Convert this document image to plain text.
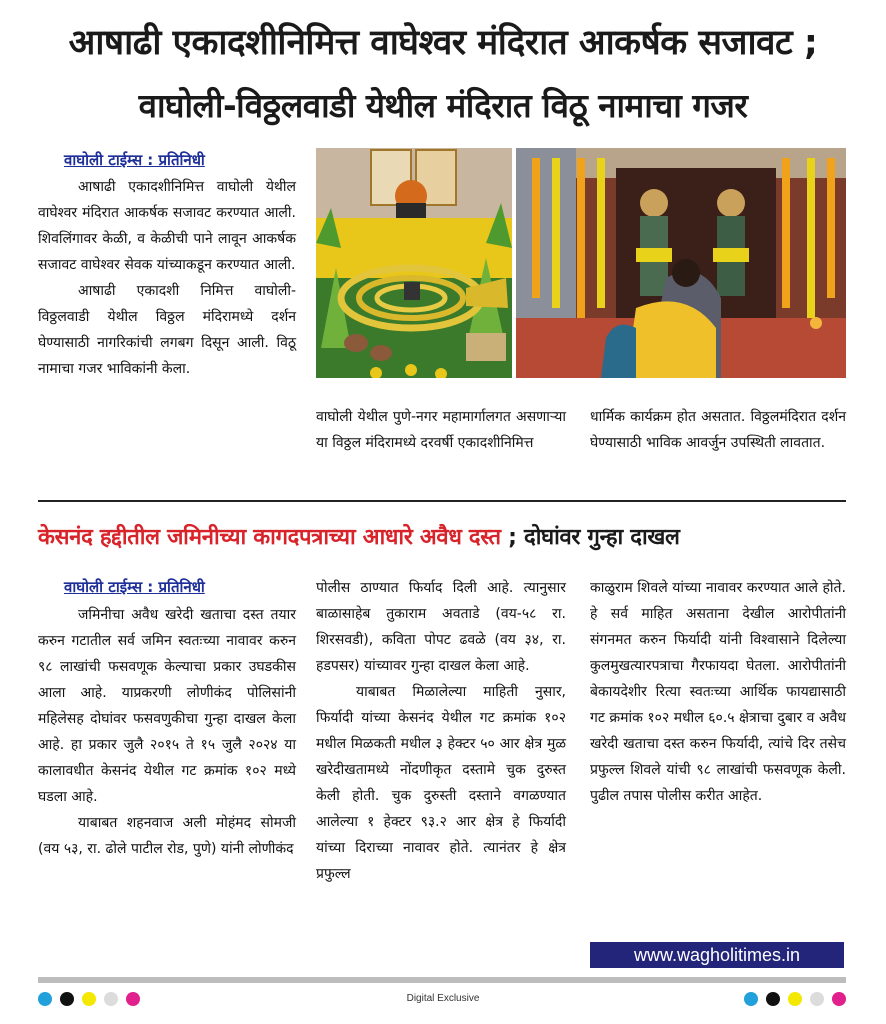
आषाढी एकादशीनिमित्त वाघेश्वर मंदिरात आकर्षक सजावट ;
वाघोली-विठ्ठलवाडी येथील मंदिरात विठू नामाचा गजर
वाघोली टाईम्स : प्रतिनिधी

आषाढी एकादशीनिमित्त वाघोली येथील वाघेश्वर मंदिरात आकर्षक सजावट करण्यात आली. शिवलिंगावर केळी, व केळीची पाने लावून आकर्षक सजावट वाघेश्वर सेवक यांच्याकडून करण्यात आली.

आषाढी एकादशी निमित्त वाघोली-विठ्ठलवाडी येथील विठ्ठल मंदिरामध्ये दर्शन घेण्यासाठी नागरिकांची लगबग दिसून आली. विठू नामाचा गजर भाविकांनी केला.

वाघोली येथील पुणे-नगर महामार्गालगत असणाऱ्या या विठ्ठल मंदिरामध्ये दरवर्षी एकादशीनिमित्त

धार्मिक कार्यक्रम होत असतात. विठ्ठलमंदिरात दर्शन घेण्यासाठी भाविक आवर्जुन उपस्थिती लावतात.

केसनंद हद्दीतील जमिनीच्या कागदपत्राच्या आधारे अवैध दस्त ; दोघांवर गुन्हा दाखल
वाघोली टाईम्स : प्रतिनिधी

जमिनीचा अवैध खरेदी खताचा दस्त तयार करुन गटातील सर्व जमिन स्वतःच्या नावावर करुन ९८ लाखांची फसवणूक केल्याचा प्रकार उघडकीस आला आहे. याप्रकरणी लोणीकंद पोलिसांनी महिलेसह दोघांवर फसवणुकीचा गुन्हा दाखल केला आहे. हा प्रकार जुलै २०१५ ते १५ जुलै २०२४ या कालावधीत केसनंद येथील गट क्रमांक १०२ मध्ये घडला आहे.

याबाबत शहनवाज अली मोहंमद सोमजी (वय ५३, रा. ढोले पाटील रोड, पुणे) यांनी लोणीकंद

पोलीस ठाण्यात फिर्याद दिली आहे. त्यानुसार बाळासाहेब तुकाराम अवताडे (वय-५८ रा. शिरसवडी), कविता पोपट ढवळे (वय ३४, रा. हडपसर) यांच्यावर गुन्हा दाखल केला आहे.

याबाबत मिळालेल्या माहिती नुसार, फिर्यादी यांच्या केसनंद येथील गट क्रमांक १०२ मधील मिळकती मधील ३ हेक्टर ५० आर क्षेत्र मुळ खरेदीखतामध्ये नोंदणीकृत दस्तामे चुक दुरुस्त केली होती. चुक दुरुस्ती दस्ताने वगळण्यात आलेल्या १ हेक्टर ९३.२ आर क्षेत्र हे फिर्यादी यांच्या दिराच्या नावावर होते. त्यानंतर हे क्षेत्र प्रफुल्ल

काळुराम शिवले यांच्या नावावर करण्यात आले होते. हे सर्व माहित असताना देखील आरोपीतांनी संगनमत करुन फिर्यादी यांनी विश्वासाने दिलेल्या कुलमुखत्यारपत्राचा गैरफायदा घेतला. आरोपीतांनी बेकायदेशीर रित्या स्वतःच्या आर्थिक फायद्यासाठी गट क्रमांक १०२ मधील ६०.५ क्षेत्राचा दुबार व अवैध खरेदी खताचा दस्त करुन फिर्यादी, त्यांचे दिर तसेच प्रफुल्ल शिवले यांची ९८ लाखांची फसवणूक केली. पुढील तपास पोलीस करीत आहेत.

www.wagholitimes.in
Digital Exclusive
